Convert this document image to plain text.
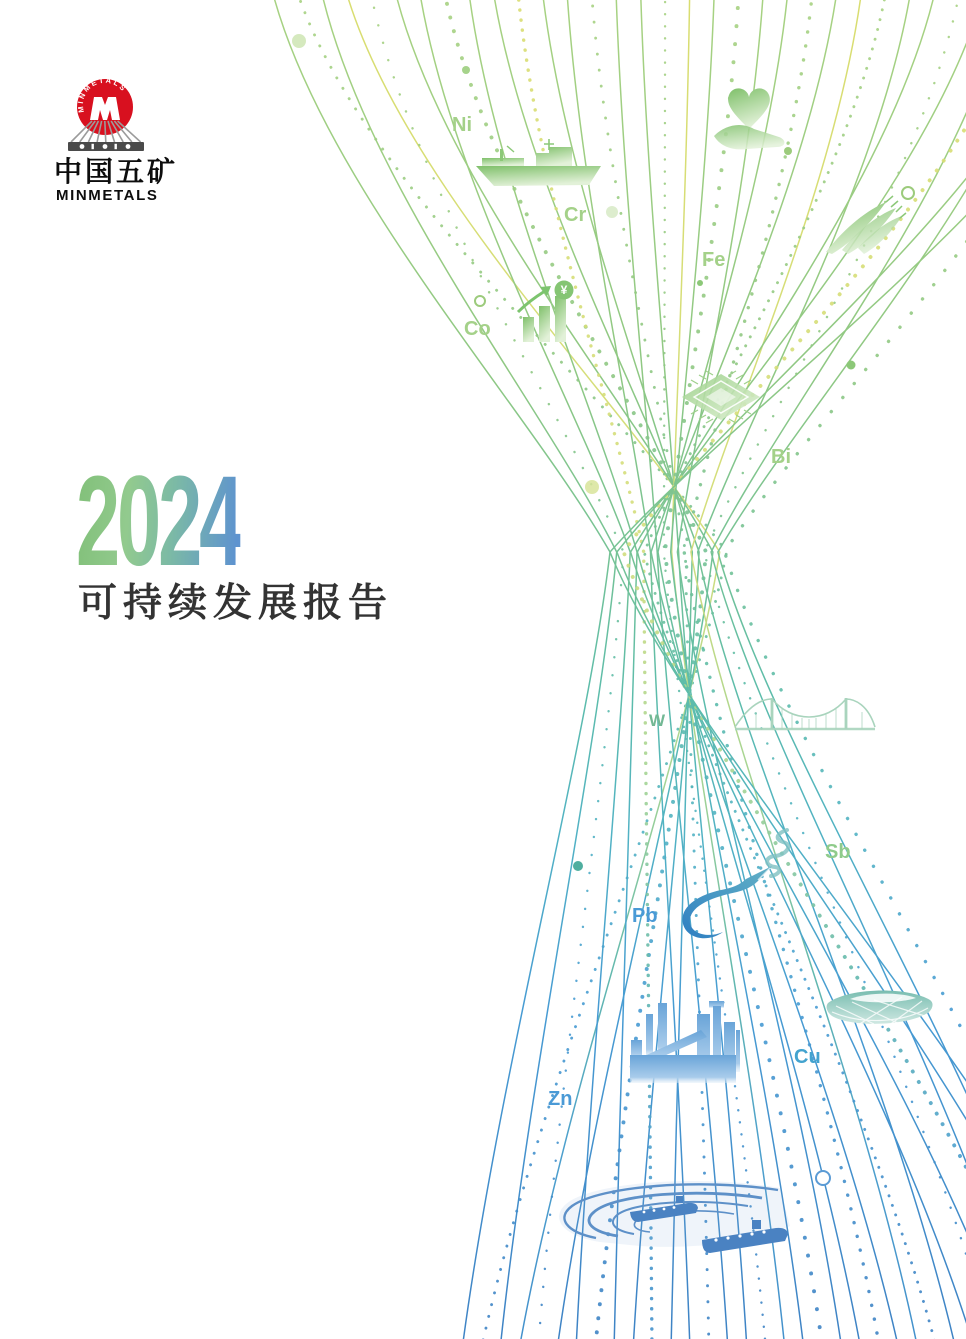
¥
MINMETALS
中国五矿
MINMETALS
2024
可持续发展报告
Ni
Cr
Co
Fe
Bi
W
Sb
Pb
Zn
Cu
